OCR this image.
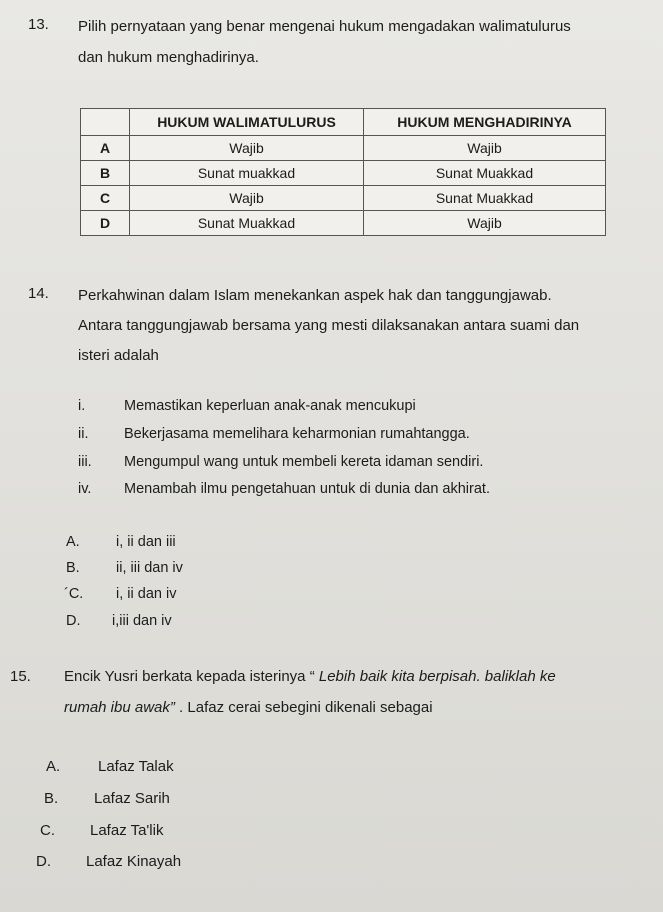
13. Pilih pernyataan yang benar mengenai hukum mengadakan walimatulurus
dan hukum menghadirinya.
	HUKUM WALIMATULURUS	HUKUM MENGHADIRINYA
A	Wajib	Wajib
B	Sunat muakkad	Sunat Muakkad
C	Wajib	Sunat Muakkad
D	Sunat Muakkad	Wajib
14. Perkahwinan dalam Islam menekankan aspek hak dan tanggungjawab.
Antara tanggungjawab bersama yang mesti dilaksanakan antara suami dan
isteri adalah
i.	Memastikan keperluan anak-anak mencukupi
ii. Bekerjasama memelihara keharmonian rumahtangga.
iii. Mengumpul wang untuk membeli kereta idaman sendiri.
iv. Menambah ilmu pengetahuan untuk di dunia dan akhirat.
A.	i, ii dan iii
B.	ii, iii dan iv
´C. i, ii dan iv
D. i,iii dan iv
15. Encik Yusri berkata kepada isterinya “ Lebih baik kita berpisah. baliklah ke
rumah ibu awak” . Lafaz cerai sebegini dikenali sebagai
A.	Lafaz Talak
B. Lafaz Sarih
C. Lafaz Ta'lik
D. Lafaz Kinayah
